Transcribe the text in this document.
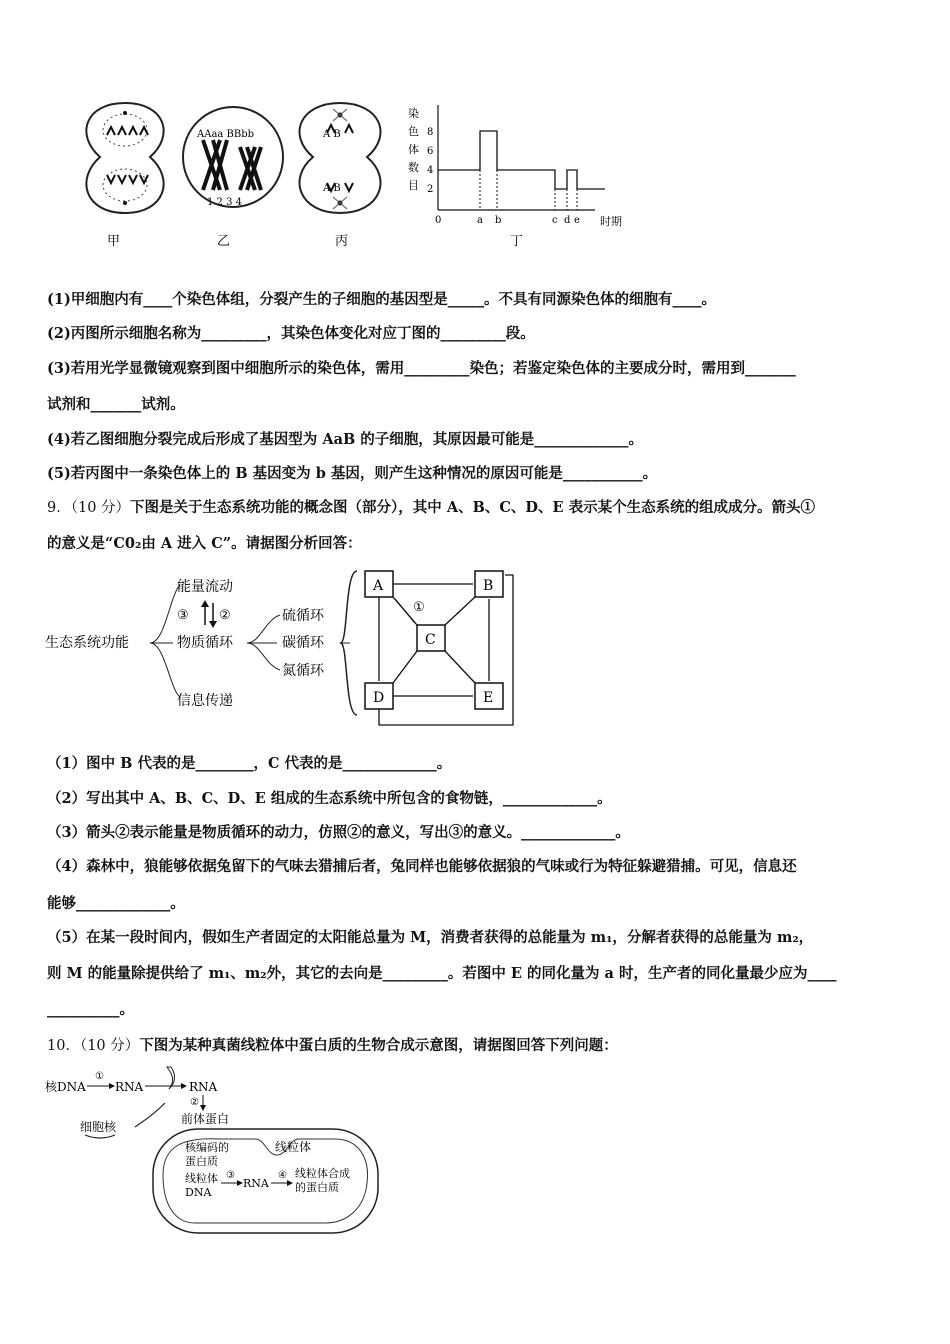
甲
AAaa BBbb
1 2 3 4
乙
A B
A B
丙
染
色
体
数
目
8
6
4
2
0	a b	c d e 时期
丁
(1)甲细胞内有____个染色体组，分裂产生的子细胞的基因型是_____。不具有同源染色体的细胞有____。
(2)丙图所示细胞名称为_________，其染色体变化对应丁图的_________段。
(3)若用光学显微镜观察到图中细胞所示的染色体，需用_________染色；若鉴定染色体的主要成分时，需用到_______
试剂和_______试剂。
(4)若乙图细胞分裂完成后形成了基因型为 AaB 的子细胞，其原因最可能是_____________。
(5)若丙图中一条染色体上的 B 基因变为 b 基因，则产生这种情况的原因可能是___________。
9．（10 分）下图是关于生态系统功能的概念图（部分），其中 A、B、C、D、E 表示某个生态系统的组成成分。箭头①
的意义是“C0₂由 A 进入 C”。请据图分析回答：
生态系统功能
能量流动
③ ②
物质循环
信息传递
硫循环
碳循环
氮循环
A	B
C
D	E
①
（1）图中 B 代表的是________，C 代表的是_____________。
（2）写出其中 A、B、C、D、E 组成的生态系统中所包含的食物链，_____________。
（3）箭头②表示能量是物质循环的动力，仿照②的意义，写出③的意义。_____________。
（4）森林中，狼能够依据兔留下的气味去猎捕后者，兔同样也能够依据狼的气味或行为特征躲避猎捕。可见，信息还
能够_____________。
（5）在某一段时间内，假如生产者固定的太阳能总量为 M，消费者获得的总能量为 m₁，分解者获得的总能量为 m₂，
则 M 的能量除提供给了 m₁、m₂外，其它的去向是_________。若图中 E 的同化量为 a 时，生产者的同化量最少应为____
__________。
10．（10 分）下图为某种真菌线粒体中蛋白质的生物合成示意图，请据图回答下列问题：
核DNA
①
RNA	RNA
②
前体蛋白
细胞核
核编码的
蛋白质
线粒体
线粒体
DNA
③
RNA
④ 线粒体合成
的蛋白质
